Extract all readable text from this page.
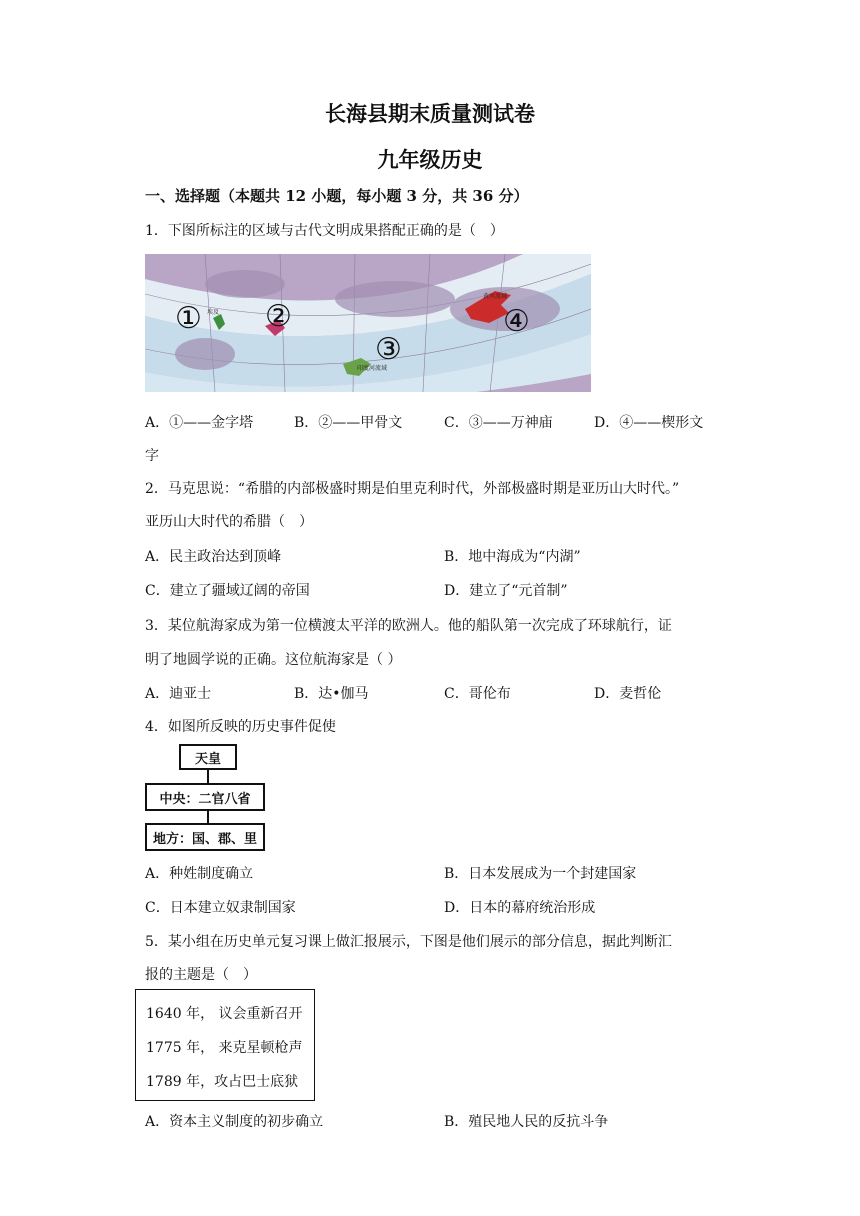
长海县期末质量测试卷
九年级历史
一、选择题（本题共 12 小题，每小题 3 分，共 36 分）
1．下图所标注的区域与古代文明成果搭配正确的是（　）
黄河流域
印度河流域
埃及
① ②
③
④
A．①——金字塔	B．②——甲骨文	C．③——万神庙	D．④——楔形文
字
2．马克思说：“希腊的内部极盛时期是伯里克利时代，外部极盛时期是亚历山大时代。”
亚历山大时代的希腊（　）
A．民主政治达到顶峰	B．地中海成为“内湖”
C．建立了疆域辽阔的帝国	D．建立了“元首制”
3．某位航海家成为第一位横渡太平洋的欧洲人。他的船队第一次完成了环球航行，证
明了地圆学说的正确。这位航海家是（ ）
A．迪亚士	B．达•伽马	C．哥伦布	D．麦哲伦
4．如图所反映的历史事件促使
天皇
中央：二官八省
地方：国、郡、里
A．种姓制度确立	B．日本发展成为一个封建国家
C．日本建立奴隶制国家	D．日本的幕府统治形成
5．某小组在历史单元复习课上做汇报展示，下图是他们展示的部分信息，据此判断汇
报的主题是（　）
1640 年， 议会重新召开
1775 年， 来克星顿枪声
1789 年，攻占巴士底狱
A．资本主义制度的初步确立	B．殖民地人民的反抗斗争
